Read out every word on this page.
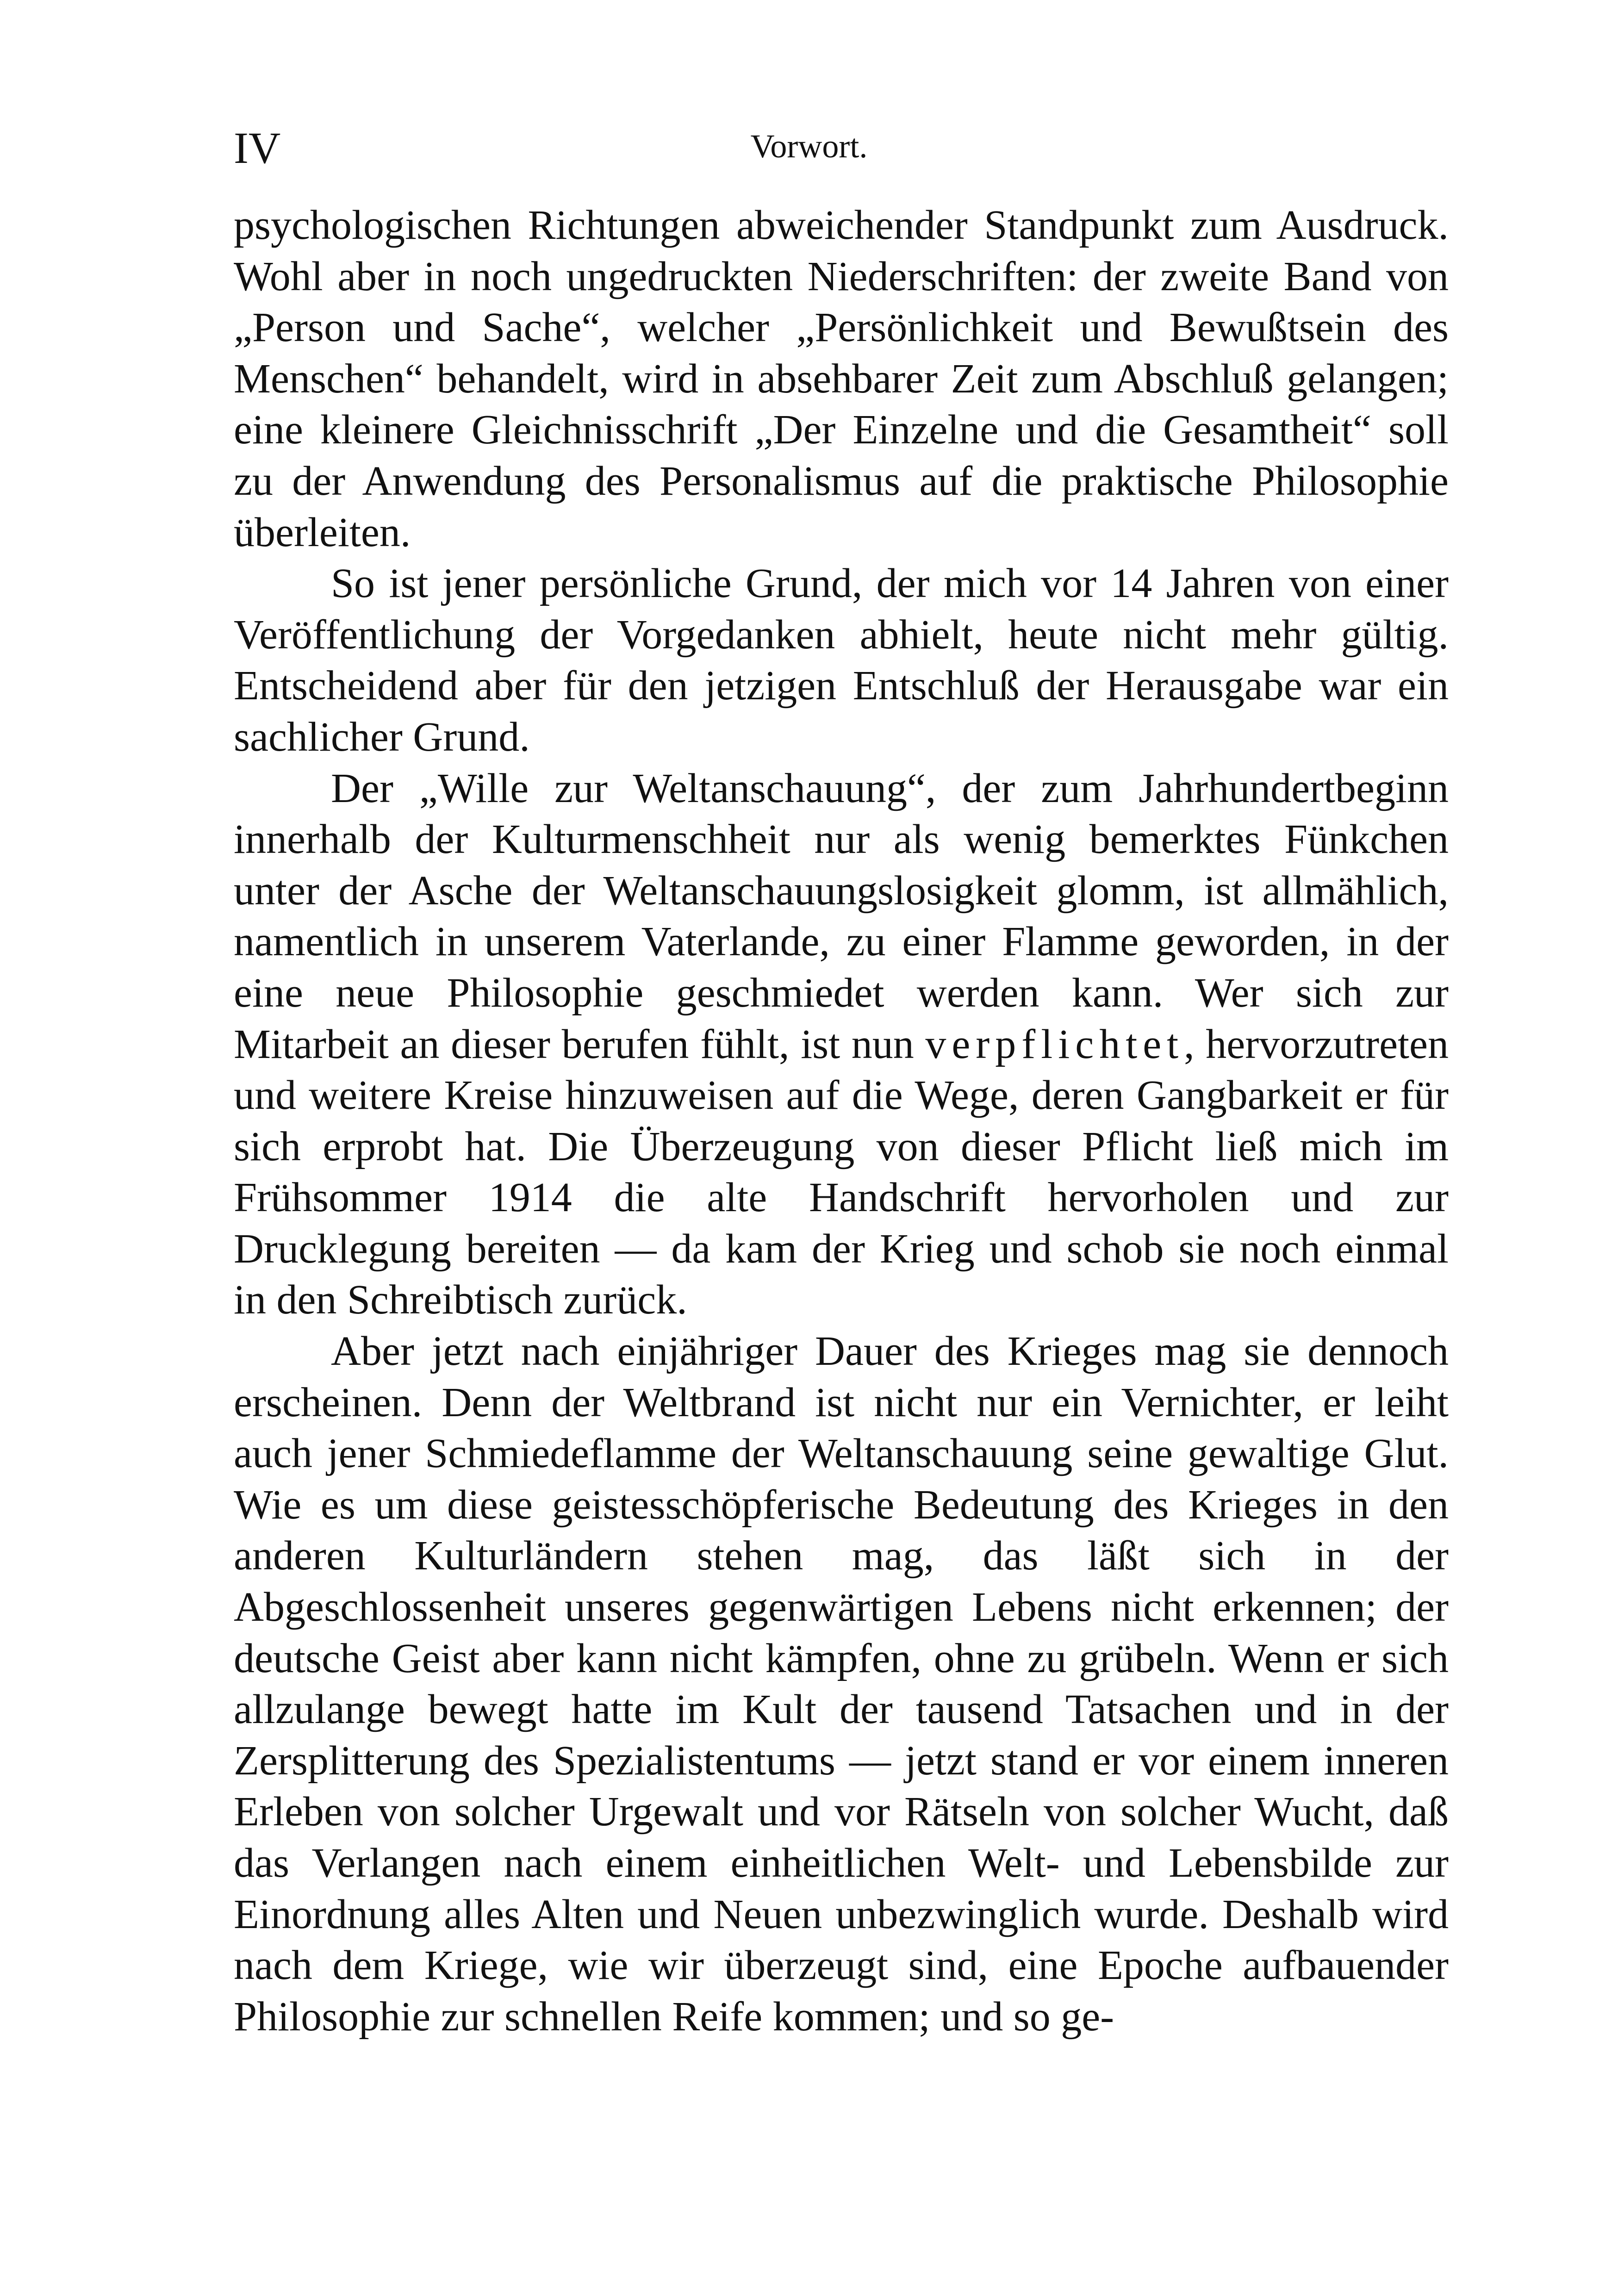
IV	Vorwort.
psychologischen Richtungen abweichender Standpunkt zum Ausdruck.
Wohl aber in noch ungedruckten Niederschriften: der zweite Band von
„Person und Sache“, welcher „Persönlichkeit und Bewußtsein des
Menschen“ behandelt, wird in absehbarer Zeit zum Abschluß gelangen;
eine kleinere Gleichnisschrift „Der Einzelne und die Gesamtheit“ soll
zu der Anwendung des Personalismus auf die praktische Philosophie
überleiten.
So ist jener persönliche Grund, der mich vor 14 Jahren von einer
Veröffentlichung der Vorgedanken abhielt, heute nicht mehr gültig.
Entscheidend aber für den jetzigen Entschluß der Herausgabe war ein
sachlicher Grund.
Der „Wille zur Weltanschauung“, der zum Jahrhundertbeginn
innerhalb der Kulturmenschheit nur als wenig bemerktes Fünkchen
unter der Asche der Weltanschauungslosigkeit glomm, ist allmählich,
namentlich in unserem Vaterlande, zu einer Flamme geworden, in der
eine neue Philosophie geschmiedet werden kann. Wer sich zur
Mitarbeit an dieser berufen fühlt, ist nun verpflichtet, hervorzutreten
und weitere Kreise hinzuweisen auf die Wege, deren Gangbarkeit er für
sich erprobt hat. Die Überzeugung von dieser Pflicht ließ mich im
Frühsommer 1914 die alte Handschrift hervorholen und zur
Drucklegung bereiten — da kam der Krieg und schob sie noch einmal
in den Schreibtisch zurück.
Aber jetzt nach einjähriger Dauer des Krieges mag sie dennoch
erscheinen. Denn der Weltbrand ist nicht nur ein Vernichter, er leiht
auch jener Schmiedeflamme der Weltanschauung seine gewaltige Glut.
Wie es um diese geistesschöpferische Bedeutung des Krieges in den
anderen Kulturländern stehen mag, das läßt sich in der
Abgeschlossenheit unseres gegenwärtigen Lebens nicht erkennen; der
deutsche Geist aber kann nicht kämpfen, ohne zu grübeln. Wenn er sich
allzulange bewegt hatte im Kult der tausend Tatsachen und in der
Zersplitterung des Spezialistentums — jetzt stand er vor einem inneren
Erleben von solcher Urgewalt und vor Rätseln von solcher Wucht, daß
das Verlangen nach einem einheitlichen Welt- und Lebensbilde zur
Einordnung alles Alten und Neuen unbezwinglich wurde. Deshalb wird
nach dem Kriege, wie wir überzeugt sind, eine Epoche aufbauender
Philosophie zur schnellen Reife kommen; und so ge-
